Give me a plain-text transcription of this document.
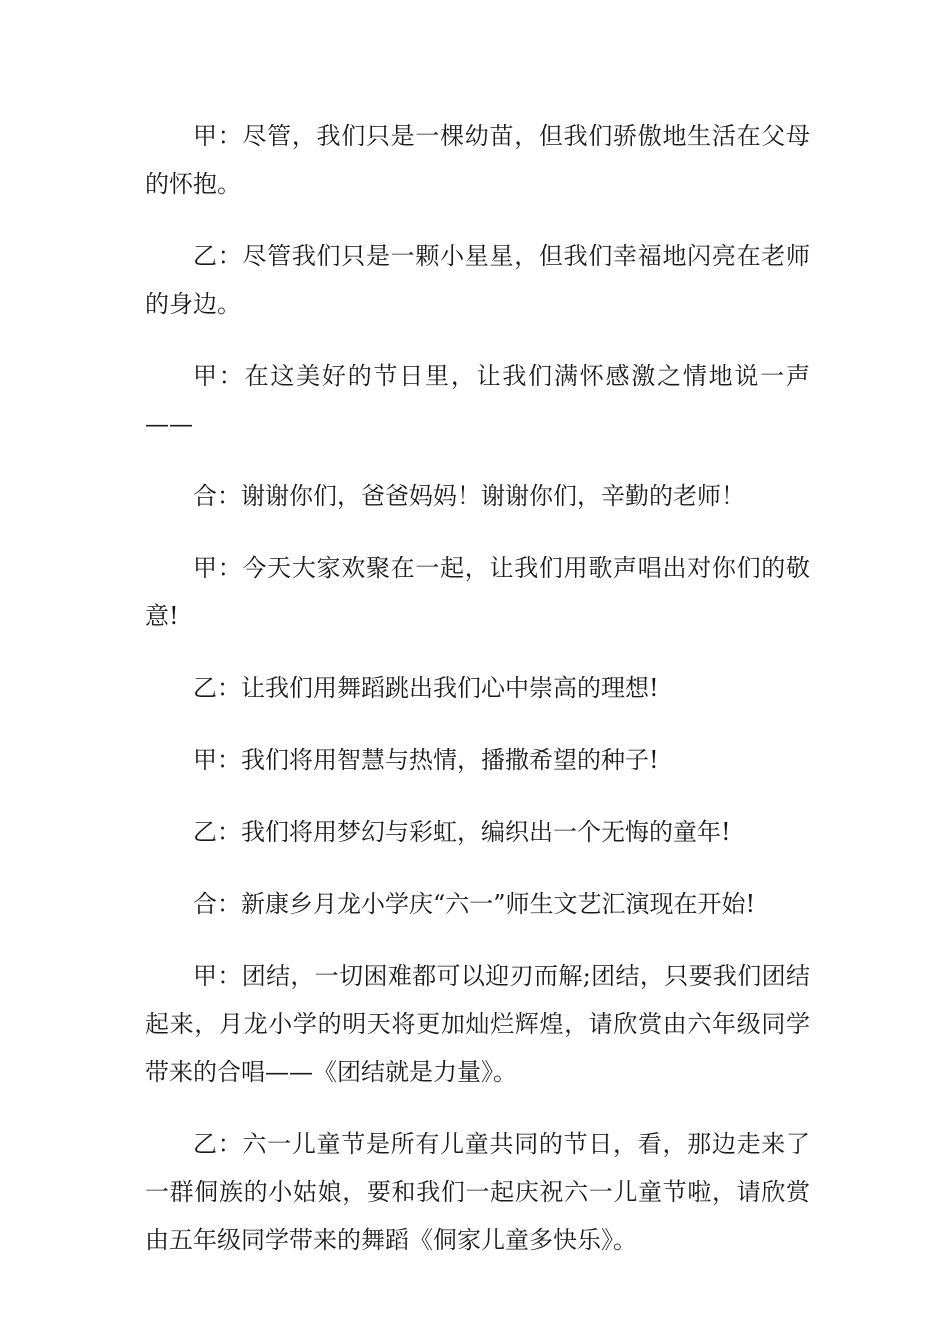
甲：尽管，我们只是一棵幼苗，但我们骄傲地生活在父母的怀抱。

乙：尽管我们只是一颗小星星，但我们幸福地闪亮在老师的身边。

甲：在这美好的节日里，让我们满怀感激之情地说一声——

合：谢谢你们，爸爸妈妈！谢谢你们，辛勤的老师！

甲：今天大家欢聚在一起，让我们用歌声唱出对你们的敬意!

乙：让我们用舞蹈跳出我们心中崇高的理想!

甲：我们将用智慧与热情，播撒希望的种子!

乙：我们将用梦幻与彩虹，编织出一个无悔的童年!

合：新康乡月龙小学庆“六一”师生文艺汇演现在开始!

甲：团结，一切困难都可以迎刃而解;团结，只要我们团结起来，月龙小学的明天将更加灿烂辉煌，请欣赏由六年级同学带来的合唱——《团结就是力量》。

乙：六一儿童节是所有儿童共同的节日，看，那边走来了一群侗族的小姑娘，要和我们一起庆祝六一儿童节啦，请欣赏由五年级同学带来的舞蹈《侗家儿童多快乐》。
